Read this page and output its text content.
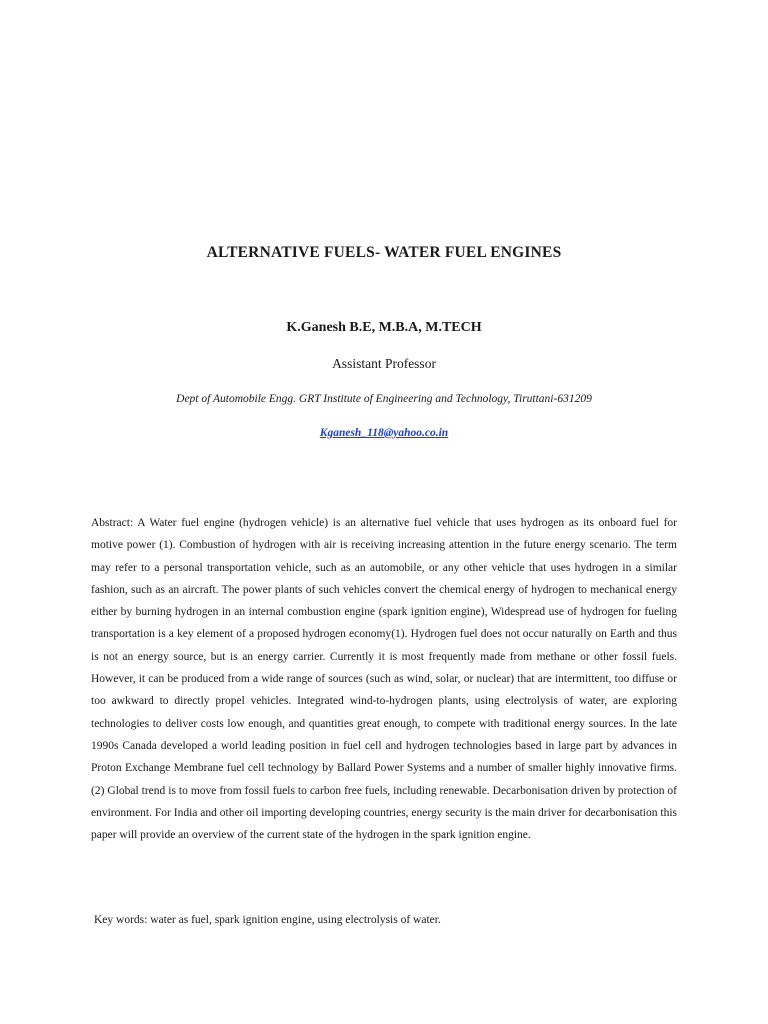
ALTERNATIVE FUELS- WATER FUEL ENGINES
K.Ganesh B.E, M.B.A, M.TECH
Assistant Professor
Dept of Automobile Engg. GRT Institute of Engineering and Technology, Tiruttani-631209
Kganesh_118@yahoo.co.in

Abstract: A Water fuel engine (hydrogen vehicle) is an alternative fuel vehicle that uses hydrogen as its onboard fuel for motive power (1). Combustion of hydrogen with air is receiving increasing attention in the future energy scenario. The term may refer to a personal transportation vehicle, such as an automobile, or any other vehicle that uses hydrogen in a similar fashion, such as an aircraft. The power plants of such vehicles convert the chemical energy of hydrogen to mechanical energy either by burning hydrogen in an internal combustion engine (spark ignition engine), Widespread use of hydrogen for fueling transportation is a key element of a proposed hydrogen economy(1). Hydrogen fuel does not occur naturally on Earth and thus is not an energy source, but is an energy carrier. Currently it is most frequently made from methane or other fossil fuels. However, it can be produced from a wide range of sources (such as wind, solar, or nuclear) that are intermittent, too diffuse or too awkward to directly propel vehicles. Integrated wind-to-hydrogen plants, using electrolysis of water, are exploring technologies to deliver costs low enough, and quantities great enough, to compete with traditional energy sources. In the late 1990s Canada developed a world leading position in fuel cell and hydrogen technologies based in large part by advances in Proton Exchange Membrane fuel cell technology by Ballard Power Systems and a number of smaller highly innovative firms.(2) Global trend is to move from fossil fuels to carbon free fuels, including renewable. Decarbonisation driven by protection of environment. For India and other oil importing developing countries, energy security is the main driver for decarbonisation this paper will provide an overview of the current state of the hydrogen in the spark ignition engine.

Key words: water as fuel, spark ignition engine, using electrolysis of water.
